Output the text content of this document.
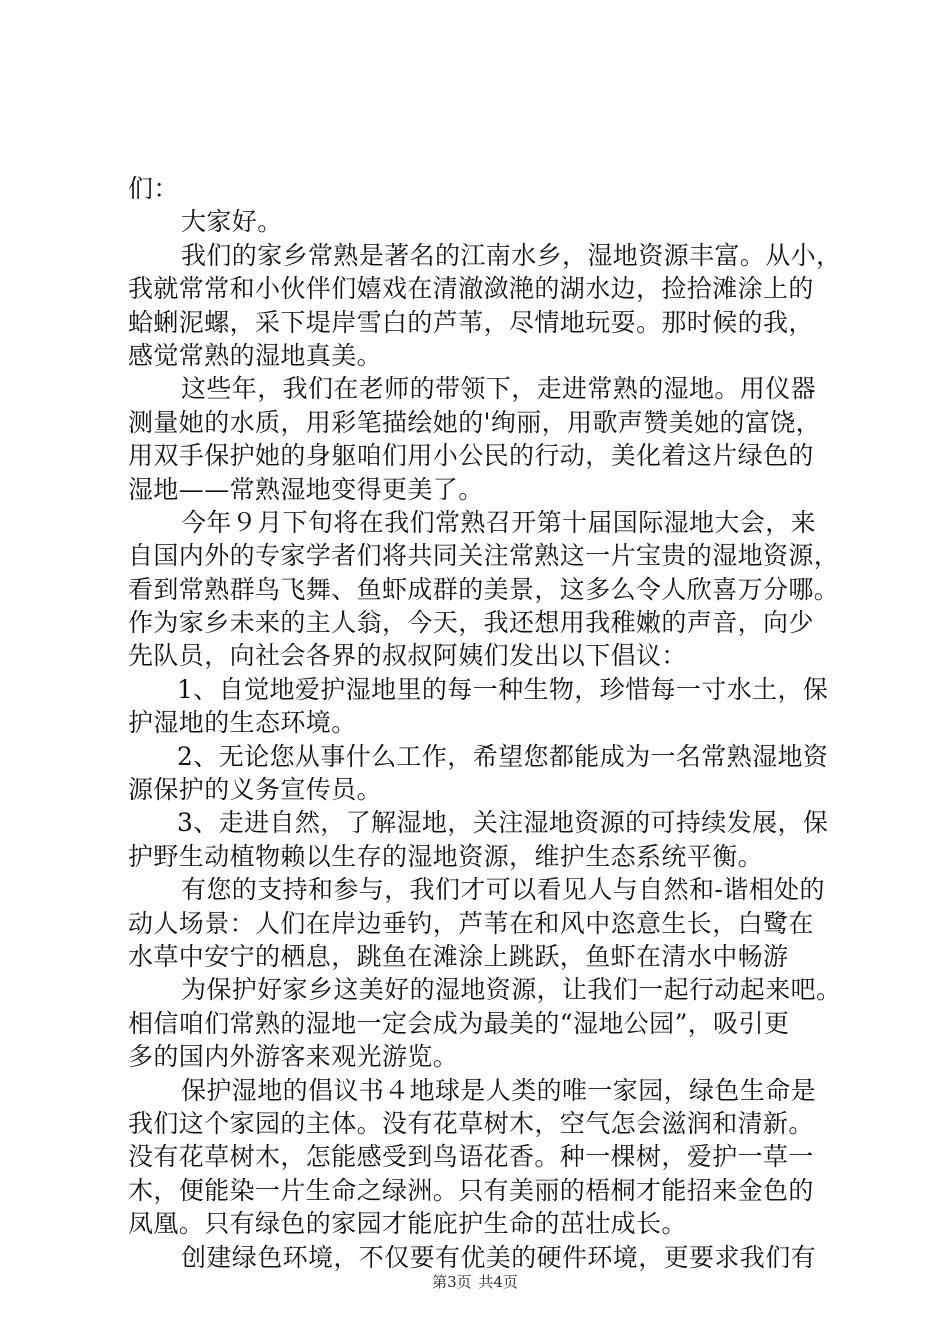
们：
大家好。
我们的家乡常熟是著名的江南水乡，湿地资源丰富。从小，
我就常常和小伙伴们嬉戏在清澈潋滟的湖水边，捡拾滩涂上的
蛤蜊泥螺，采下堤岸雪白的芦苇，尽情地玩耍。那时候的我，
感觉常熟的湿地真美。
这些年，我们在老师的带领下，走进常熟的湿地。用仪器
测量她的水质，用彩笔描绘她的'绚丽，用歌声赞美她的富饶，
用双手保护她的身躯咱们用小公民的行动，美化着这片绿色的
湿地——常熟湿地变得更美了。
今年９月下旬将在我们常熟召开第十届国际湿地大会，来
自国内外的专家学者们将共同关注常熟这一片宝贵的湿地资源，
看到常熟群鸟飞舞、鱼虾成群的美景，这多么令人欣喜万分哪。
作为家乡未来的主人翁，今天，我还想用我稚嫩的声音，向少
先队员，向社会各界的叔叔阿姨们发出以下倡议：
1、自觉地爱护湿地里的每一种生物，珍惜每一寸水土，保
护湿地的生态环境。
2、无论您从事什么工作，希望您都能成为一名常熟湿地资
源保护的义务宣传员。
3、走进自然，了解湿地，关注湿地资源的可持续发展，保
护野生动植物赖以生存的湿地资源，维护生态系统平衡。
有您的支持和参与，我们才可以看见人与自然和-谐相处的
动人场景：人们在岸边垂钓，芦苇在和风中恣意生长，白鹭在
水草中安宁的栖息，跳鱼在滩涂上跳跃，鱼虾在清水中畅游
为保护好家乡这美好的湿地资源，让我们一起行动起来吧。
相信咱们常熟的湿地一定会成为最美的“湿地公园”，吸引更
多的国内外游客来观光游览。
保护湿地的倡议书４地球是人类的唯一家园，绿色生命是
我们这个家园的主体。没有花草树木，空气怎会滋润和清新。
没有花草树木，怎能感受到鸟语花香。种一棵树，爱护一草一
木，便能染一片生命之绿洲。只有美丽的梧桐才能招来金色的
凤凰。只有绿色的家园才能庇护生命的茁壮成长。
创建绿色环境，不仅要有优美的硬件环境，更要求我们有
第3页 共4页
